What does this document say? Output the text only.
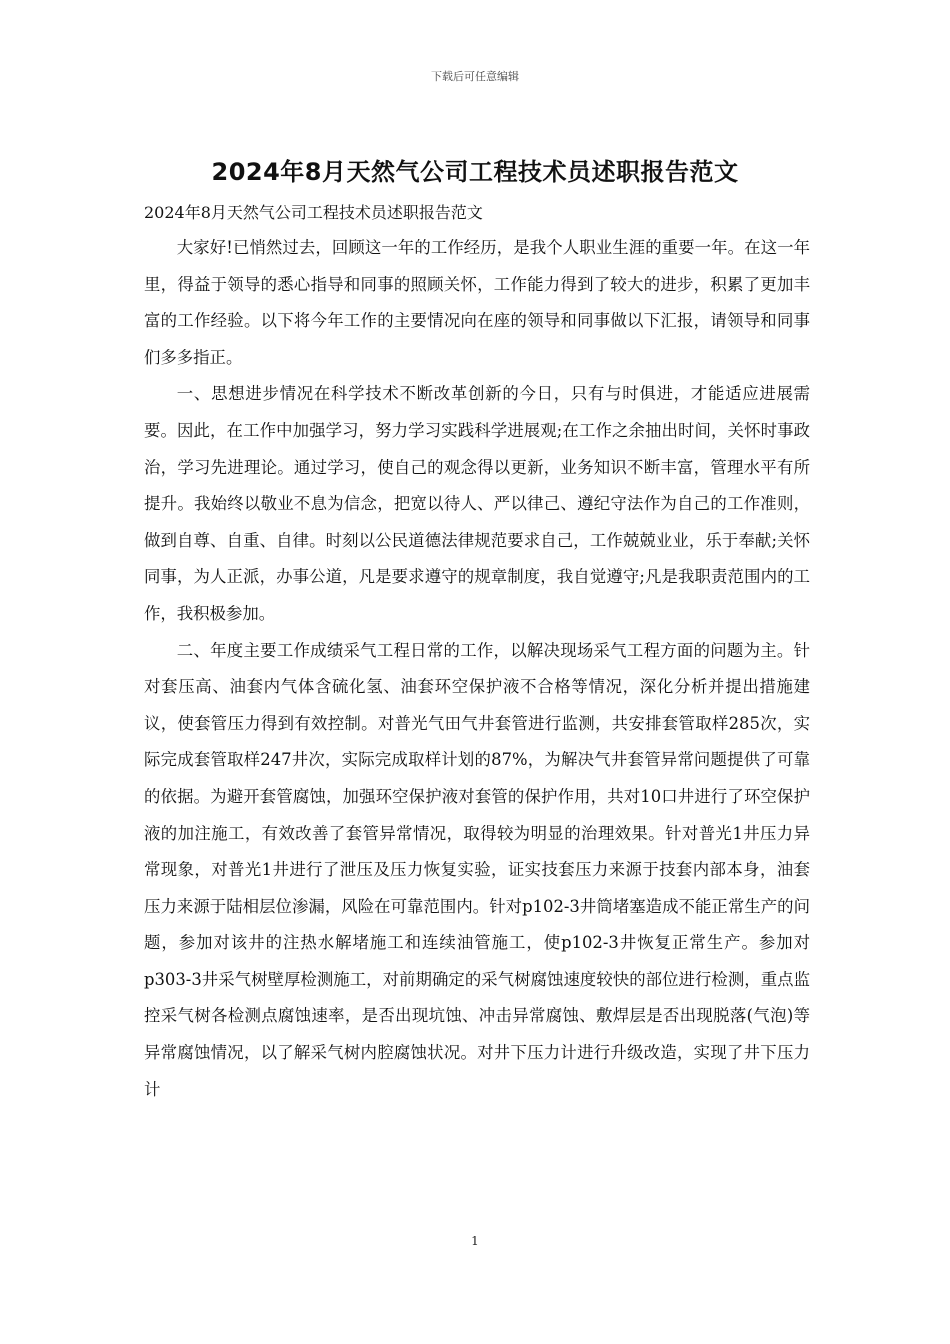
下载后可任意编辑
2024年8月天然气公司工程技术员述职报告范文

2024年8月天然气公司工程技术员述职报告范文

大家好!已悄然过去，回顾这一年的工作经历，是我个人职业生涯的重要一年。在这一年里，得益于领导的悉心指导和同事的照顾关怀，工作能力得到了较大的进步，积累了更加丰富的工作经验。以下将今年工作的主要情况向在座的领导和同事做以下汇报，请领导和同事们多多指正。

一、思想进步情况在科学技术不断改革创新的今日，只有与时俱进，才能适应进展需要。因此，在工作中加强学习，努力学习实践科学进展观;在工作之余抽出时间，关怀时事政治，学习先进理论。通过学习，使自己的观念得以更新，业务知识不断丰富，管理水平有所提升。我始终以敬业不息为信念，把宽以待人、严以律己、遵纪守法作为自己的工作准则，做到自尊、自重、自律。时刻以公民道德法律规范要求自己，工作兢兢业业，乐于奉献;关怀同事，为人正派，办事公道，凡是要求遵守的规章制度，我自觉遵守;凡是我职责范围内的工作，我积极参加。

二、年度主要工作成绩采气工程日常的工作，以解决现场采气工程方面的问题为主。针对套压高、油套内气体含硫化氢、油套环空保护液不合格等情况，深化分析并提出措施建议，使套管压力得到有效控制。对普光气田气井套管进行监测，共安排套管取样285次，实际完成套管取样247井次，实际完成取样计划的87%，为解决气井套管异常问题提供了可靠的依据。为避开套管腐蚀，加强环空保护液对套管的保护作用，共对10口井进行了环空保护液的加注施工，有效改善了套管异常情况，取得较为明显的治理效果。针对普光1井压力异常现象，对普光1井进行了泄压及压力恢复实验，证实技套压力来源于技套内部本身，油套压力来源于陆相层位渗漏，风险在可靠范围内。针对p102-3井筒堵塞造成不能正常生产的问题，参加对该井的注热水解堵施工和连续油管施工，使p102-3井恢复正常生产。参加对p303-3井采气树壁厚检测施工，对前期确定的采气树腐蚀速度较快的部位进行检测，重点监控采气树各检测点腐蚀速率，是否出现坑蚀、冲击异常腐蚀、敷焊层是否出现脱落(气泡)等异常腐蚀情况，以了解采气树内腔腐蚀状况。对井下压力计进行升级改造，实现了井下压力计

1
